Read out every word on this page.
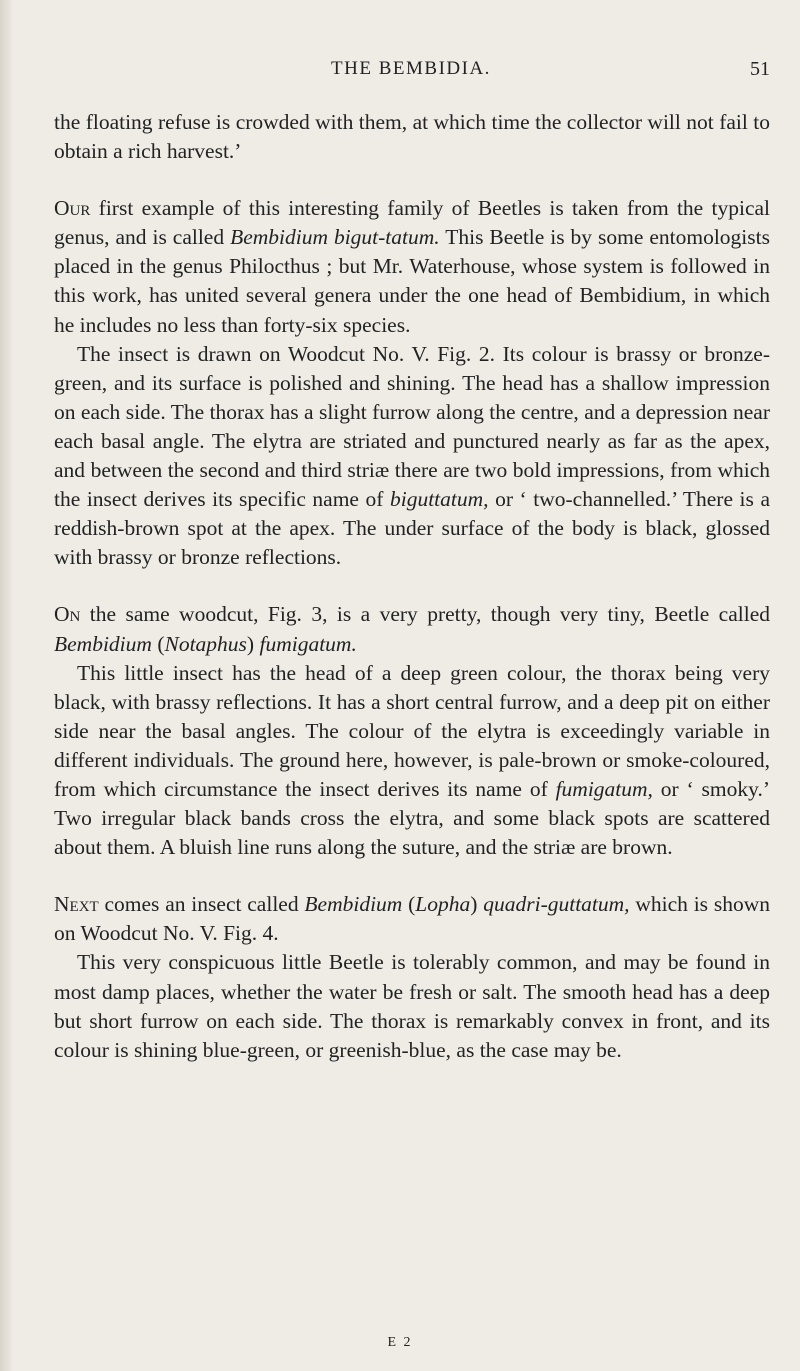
THE BEMBIDIA.	51

the floating refuse is crowded with them, at which time the collector will not fail to obtain a rich harvest.’

Our first example of this interesting family of Beetles is taken from the typical genus, and is called Bembidium bigut-tatum. This Beetle is by some entomologists placed in the genus Philocthus ; but Mr. Waterhouse, whose system is followed in this work, has united several genera under the one head of Bembidium, in which he includes no less than forty-six species.

The insect is drawn on Woodcut No. V. Fig. 2. Its colour is brassy or bronze-green, and its surface is polished and shining. The head has a shallow impression on each side. The thorax has a slight furrow along the centre, and a depression near each basal angle. The elytra are striated and punctured nearly as far as the apex, and between the second and third striæ there are two bold impressions, from which the insect derives its specific name of biguttatum, or ‘ two-channelled.’ There is a reddish-brown spot at the apex. The under surface of the body is black, glossed with brassy or bronze reflections.

On the same woodcut, Fig. 3, is a very pretty, though very tiny, Beetle called Bembidium (Notaphus) fumigatum.

This little insect has the head of a deep green colour, the thorax being very black, with brassy reflections. It has a short central furrow, and a deep pit on either side near the basal angles. The colour of the elytra is exceedingly variable in different individuals. The ground here, however, is pale-brown or smoke-coloured, from which circumstance the insect derives its name of fumigatum, or ‘ smoky.’ Two irregular black bands cross the elytra, and some black spots are scattered about them. A bluish line runs along the suture, and the striæ are brown.

Next comes an insect called Bembidium (Lopha) quadri-guttatum, which is shown on Woodcut No. V. Fig. 4.

This very conspicuous little Beetle is tolerably common, and may be found in most damp places, whether the water be fresh or salt. The smooth head has a deep but short furrow on each side. The thorax is remarkably convex in front, and its colour is shining blue-green, or greenish-blue, as the case may be.

E 2
